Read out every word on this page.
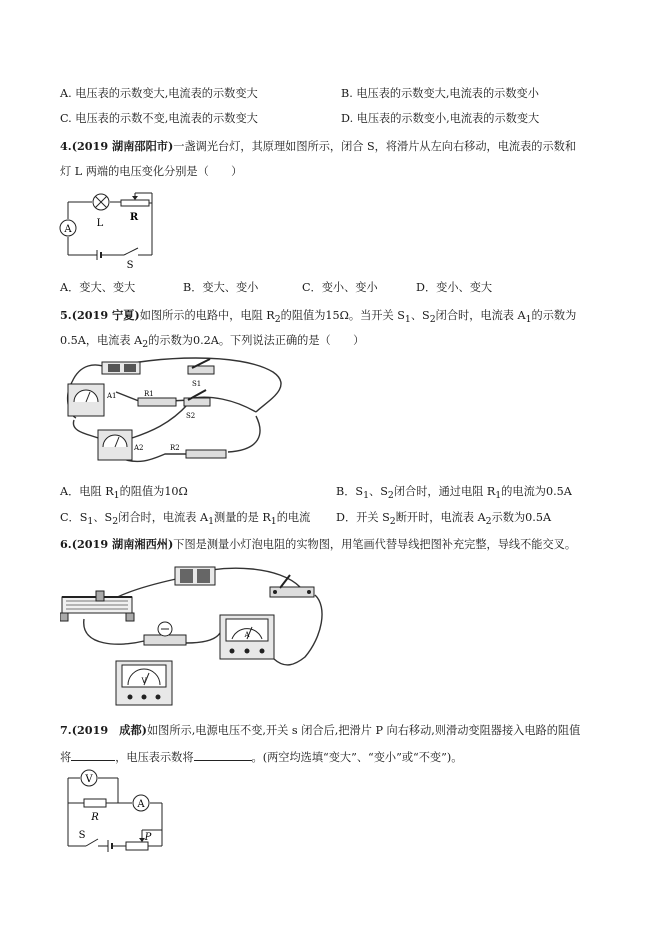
A. 电压表的示数变大,电流表的示数变大	B. 电压表的示数变大,电流表的示数变小
C. 电压表的示数不变,电流表的示数变大	D. 电压表的示数变小,电流表的示数变大
4.(2019 湖南邵阳市)一盏调光台灯，其原理如图所示，闭合 S，将滑片从左向右移动，电流表的示数和
灯 L 两端的电压变化分别是（　　）
A
L
R
S
A．变大、变大	B．变大、变小	C．变小、变小	D．变小、变大
5.(2019 宁夏)如图所示的电路中，电阻 $R_2$的阻值为15Ω。当开关 $S_1$、$S_2$闭合时，电流表 $A_1$的示数为
0.5A，电流表 $A_2$的示数为0.2A。下列说法正确的是（　　）
S1
A1	R1
S2
A2	R2
A．电阻 $R_1$的阻值为10Ω	B．$S_1$、$S_2$闭合时，通过电阻 $R_1$的电流为0.5A
C．$S_1$、$S_2$闭合时，电流表 $A_1$测量的是 $R_1$的电流 D．开关 $S_2$断开时，电流表 $A_2$示数为0.5A
6.(2019 湖南湘西州)下图是测量小灯泡电阻的实物图，用笔画代替导线把图补充完整，导线不能交叉。
A
V
7.(2019　成都)如图所示,电源电压不变,开关 s 闭合后,把滑片 P 向右移动,则滑动变阻器接入电路的阻值
将	，电压表示数将	。(两空均选填“变大”、“变小”或“不变”)。
V
A
R
S	P
